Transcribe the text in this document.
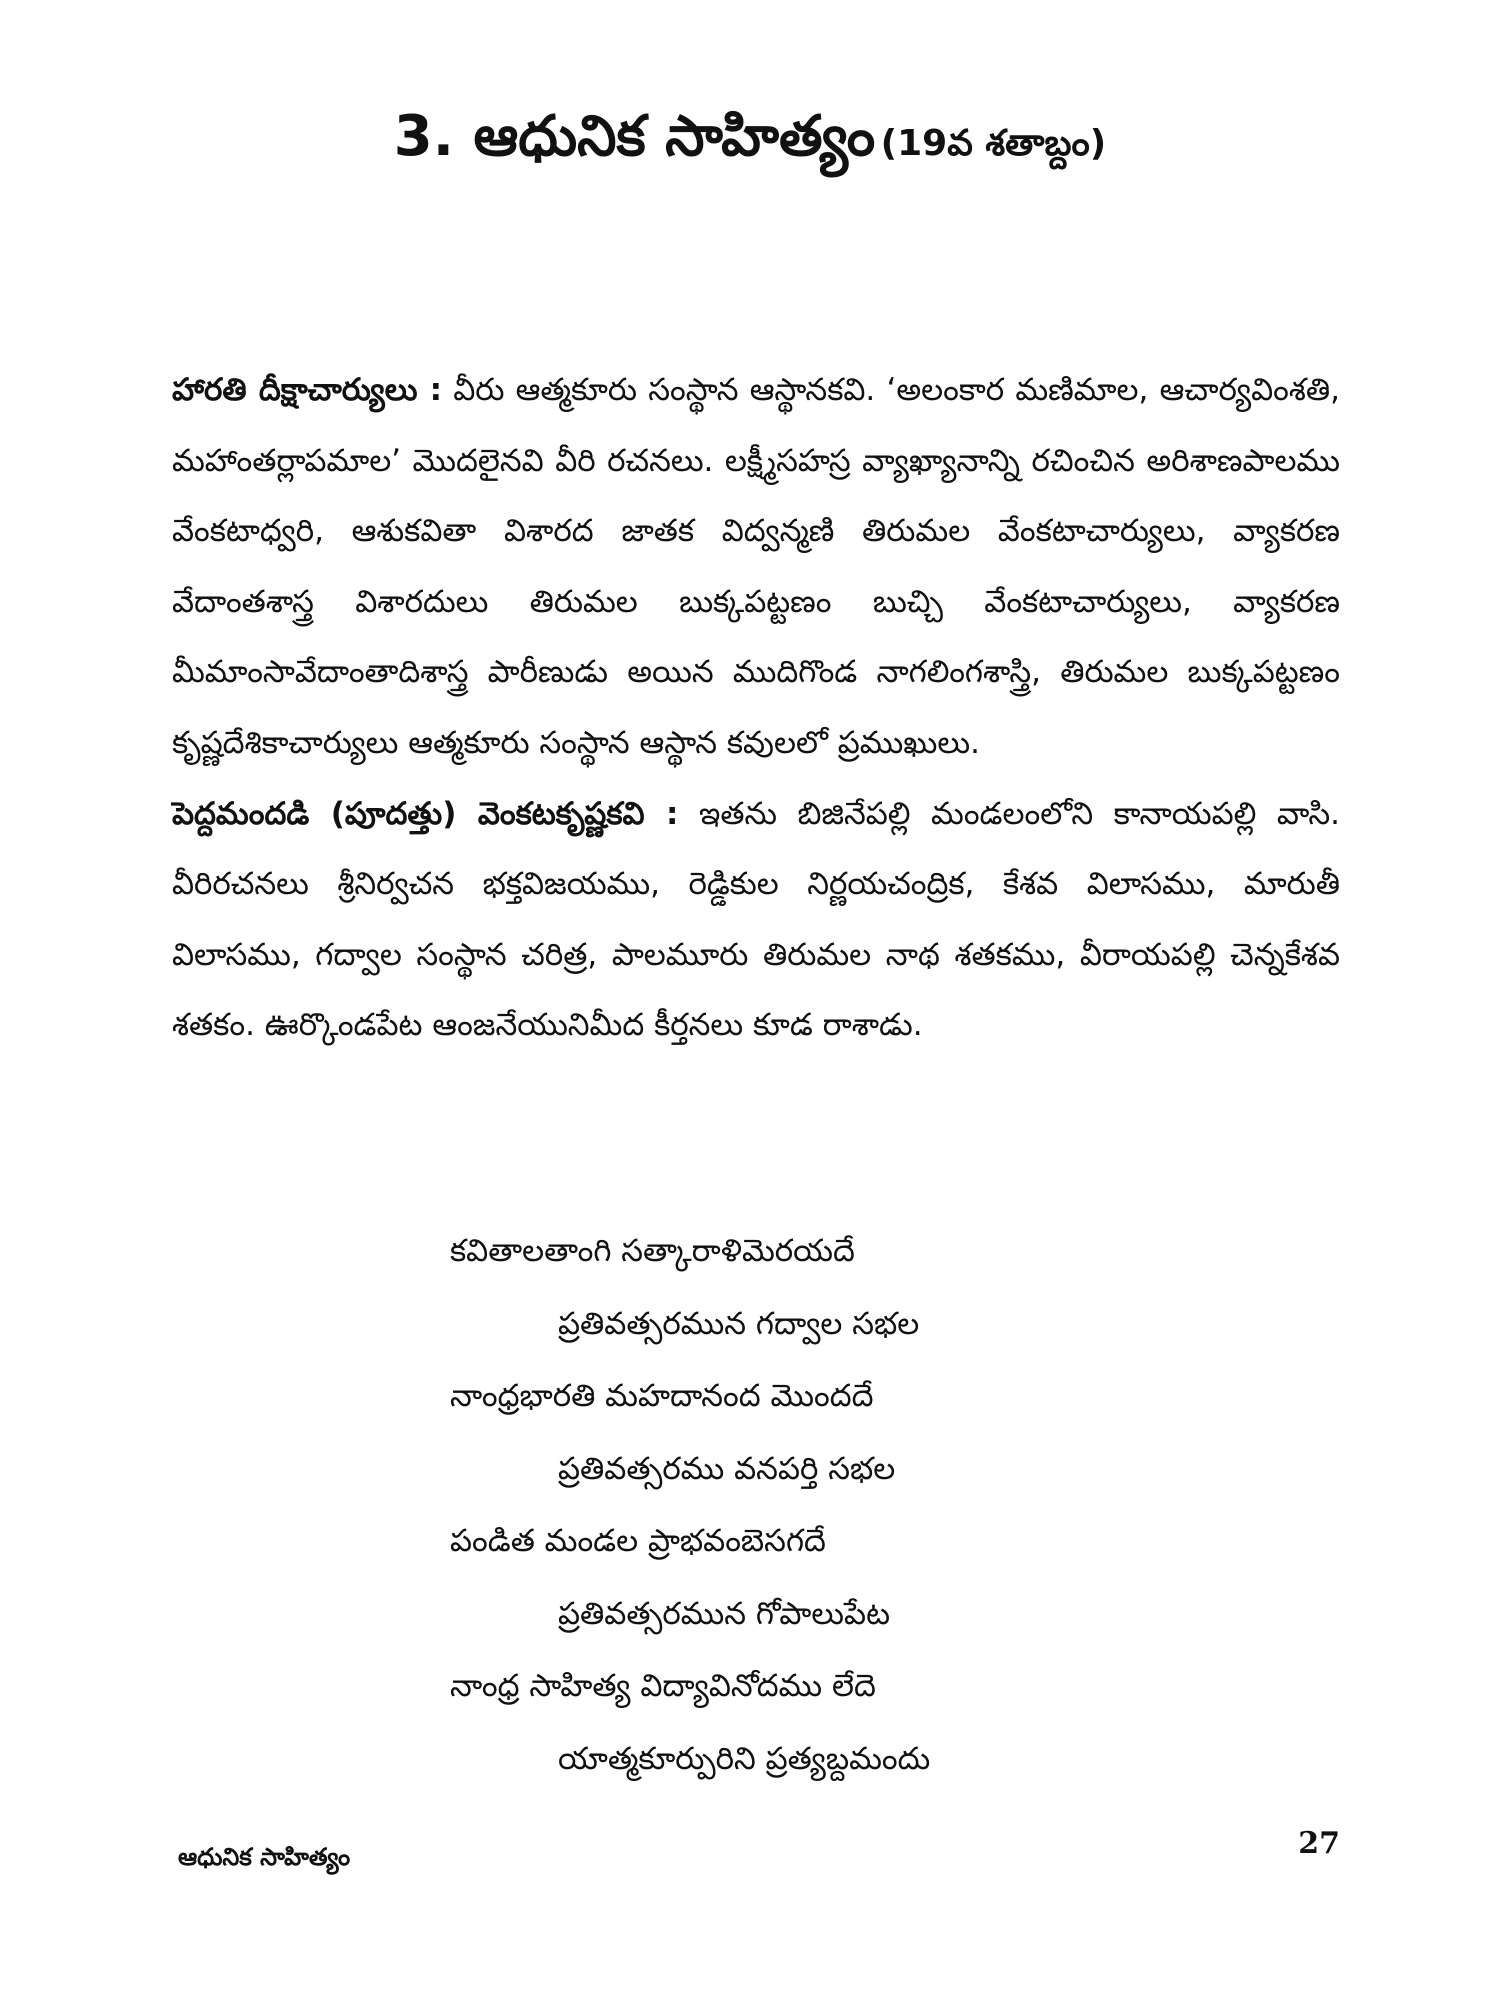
3. ఆధునిక సాహిత్యం (19వ శతాబ్దం)

హారతి దీక్షాచార్యులు : వీరు ఆత్మకూరు సంస్థాన ఆస్థానకవి. ‘అలంకార మణిమాల, ఆచార్యవింశతి, మహాంతర్లాపమాల’ మొదలైనవి వీరి రచనలు. లక్ష్మీసహస్ర వ్యాఖ్యానాన్ని రచించిన అరిశాణపాలము వేంకటాధ్వరి, ఆశుకవితా విశారద జాతక విద్వన్మణి తిరుమల వేంకటాచార్యులు, వ్యాకరణ వేదాంతశాస్త్ర విశారదులు తిరుమల బుక్కపట్టణం బుచ్చి వేంకటాచార్యులు, వ్యాకరణ మీమాంసావేదాంతాదిశాస్త్ర పారీణుడు అయిన ముదిగొండ నాగలింగశాస్త్రి, తిరుమల బుక్కపట్టణం కృష్ణదేశికాచార్యులు ఆత్మకూరు సంస్థాన ఆస్థాన కవులలో ప్రముఖులు.

పెద్దమందడి (పూదత్తు) వెంకటకృష్ణకవి : ఇతను బిజినేపల్లి మండలంలోని కానాయపల్లి వాసి. వీరిరచనలు శ్రీనిర్వచన భక్తవిజయము, రెడ్డికుల నిర్ణయచంద్రిక, కేశవ విలాసము, మారుతీ విలాసము, గద్వాల సంస్థాన చరిత్ర, పాలమూరు తిరుమల నాథ శతకము, వీరాయపల్లి చెన్నకేశవ శతకం. ఊర్కొండపేట ఆంజనేయునిమీద కీర్తనలు కూడ రాశాడు.

కవితాలతాంగి సత్కారాళిమెరయదే
ప్రతివత్సరమున గద్వాల సభల
నాంధ్రభారతి మహదానంద మొందదే
ప్రతివత్సరము వనపర్తి సభల
పండిత మండల ప్రాభవంబెసగదే
ప్రతివత్సరమున గోపాలుపేట
నాంధ్ర సాహిత్య విద్యావినోదము లేదె
యాత్మకూర్పురిని ప్రత్యబ్దమందు
ఆధునిక సాహిత్యం	27
